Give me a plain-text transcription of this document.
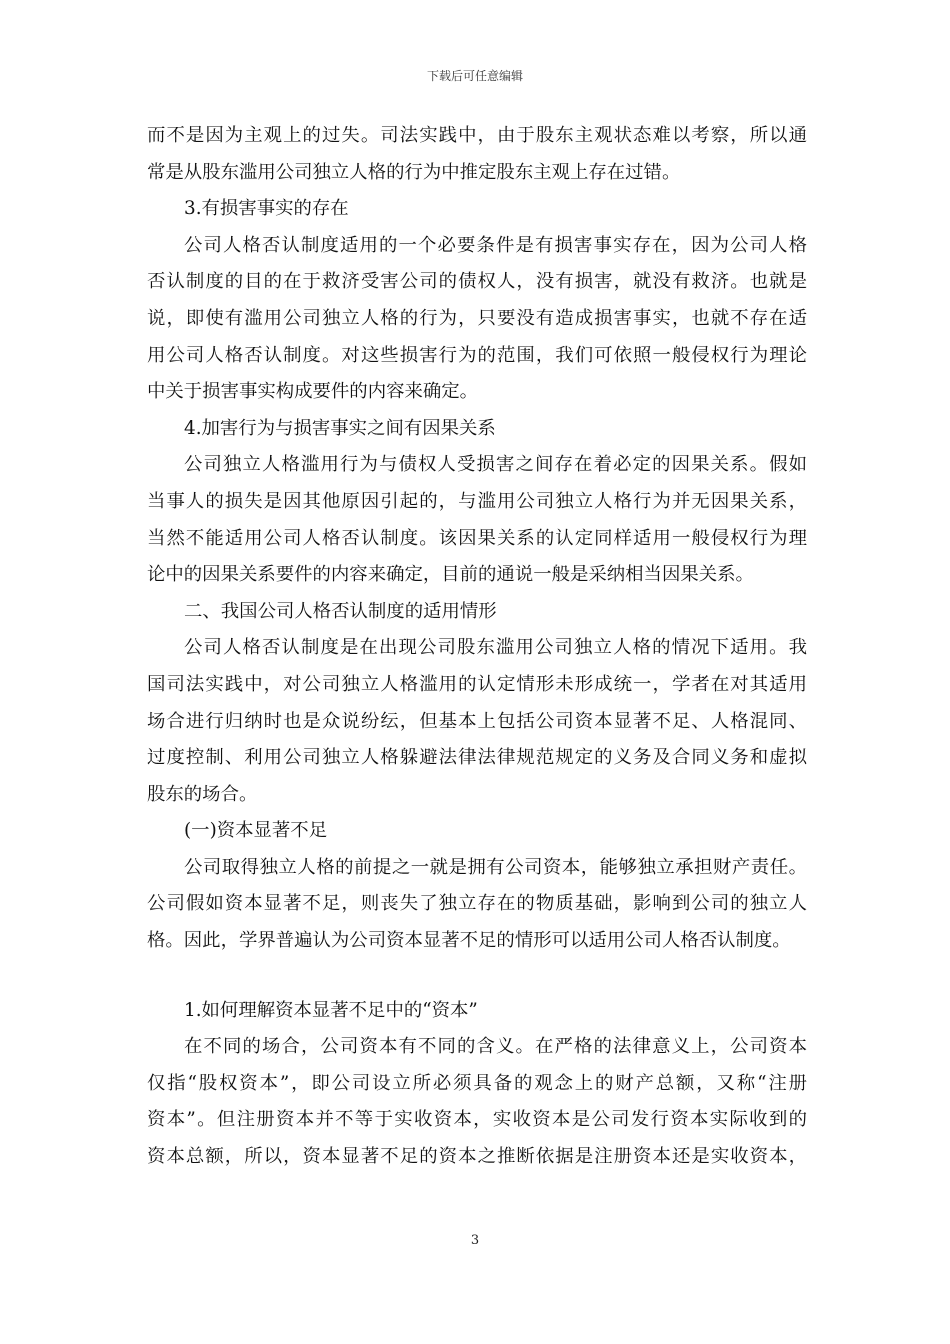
下载后可任意编辑
而不是因为主观上的过失。司法实践中，由于股东主观状态难以考察，所以通
常是从股东滥用公司独立人格的行为中推定股东主观上存在过错。
3.有损害事实的存在
公司人格否认制度适用的一个必要条件是有损害事实存在，因为公司人格
否认制度的目的在于救济受害公司的债权人，没有损害，就没有救济。也就是
说，即使有滥用公司独立人格的行为，只要没有造成损害事实，也就不存在适
用公司人格否认制度。对这些损害行为的范围，我们可依照一般侵权行为理论
中关于损害事实构成要件的内容来确定。
4.加害行为与损害事实之间有因果关系
公司独立人格滥用行为与债权人受损害之间存在着必定的因果关系。假如
当事人的损失是因其他原因引起的，与滥用公司独立人格行为并无因果关系，
当然不能适用公司人格否认制度。该因果关系的认定同样适用一般侵权行为理
论中的因果关系要件的内容来确定，目前的通说一般是采纳相当因果关系。
二、我国公司人格否认制度的适用情形
公司人格否认制度是在出现公司股东滥用公司独立人格的情况下适用。我
国司法实践中，对公司独立人格滥用的认定情形未形成统一，学者在对其适用
场合进行归纳时也是众说纷纭，但基本上包括公司资本显著不足、人格混同、
过度控制、利用公司独立人格躲避法律法律规范规定的义务及合同义务和虚拟
股东的场合。
(一)资本显著不足
公司取得独立人格的前提之一就是拥有公司资本，能够独立承担财产责任。
公司假如资本显著不足，则丧失了独立存在的物质基础，影响到公司的独立人
格。因此，学界普遍认为公司资本显著不足的情形可以适用公司人格否认制度。
1.如何理解资本显著不足中的“资本”
在不同的场合，公司资本有不同的含义。在严格的法律意义上，公司资本
仅指“股权资本”，即公司设立所必须具备的观念上的财产总额，又称“注册
资本”。但注册资本并不等于实收资本，实收资本是公司发行资本实际收到的
资本总额，所以，资本显著不足的资本之推断依据是注册资本还是实收资本，
3
